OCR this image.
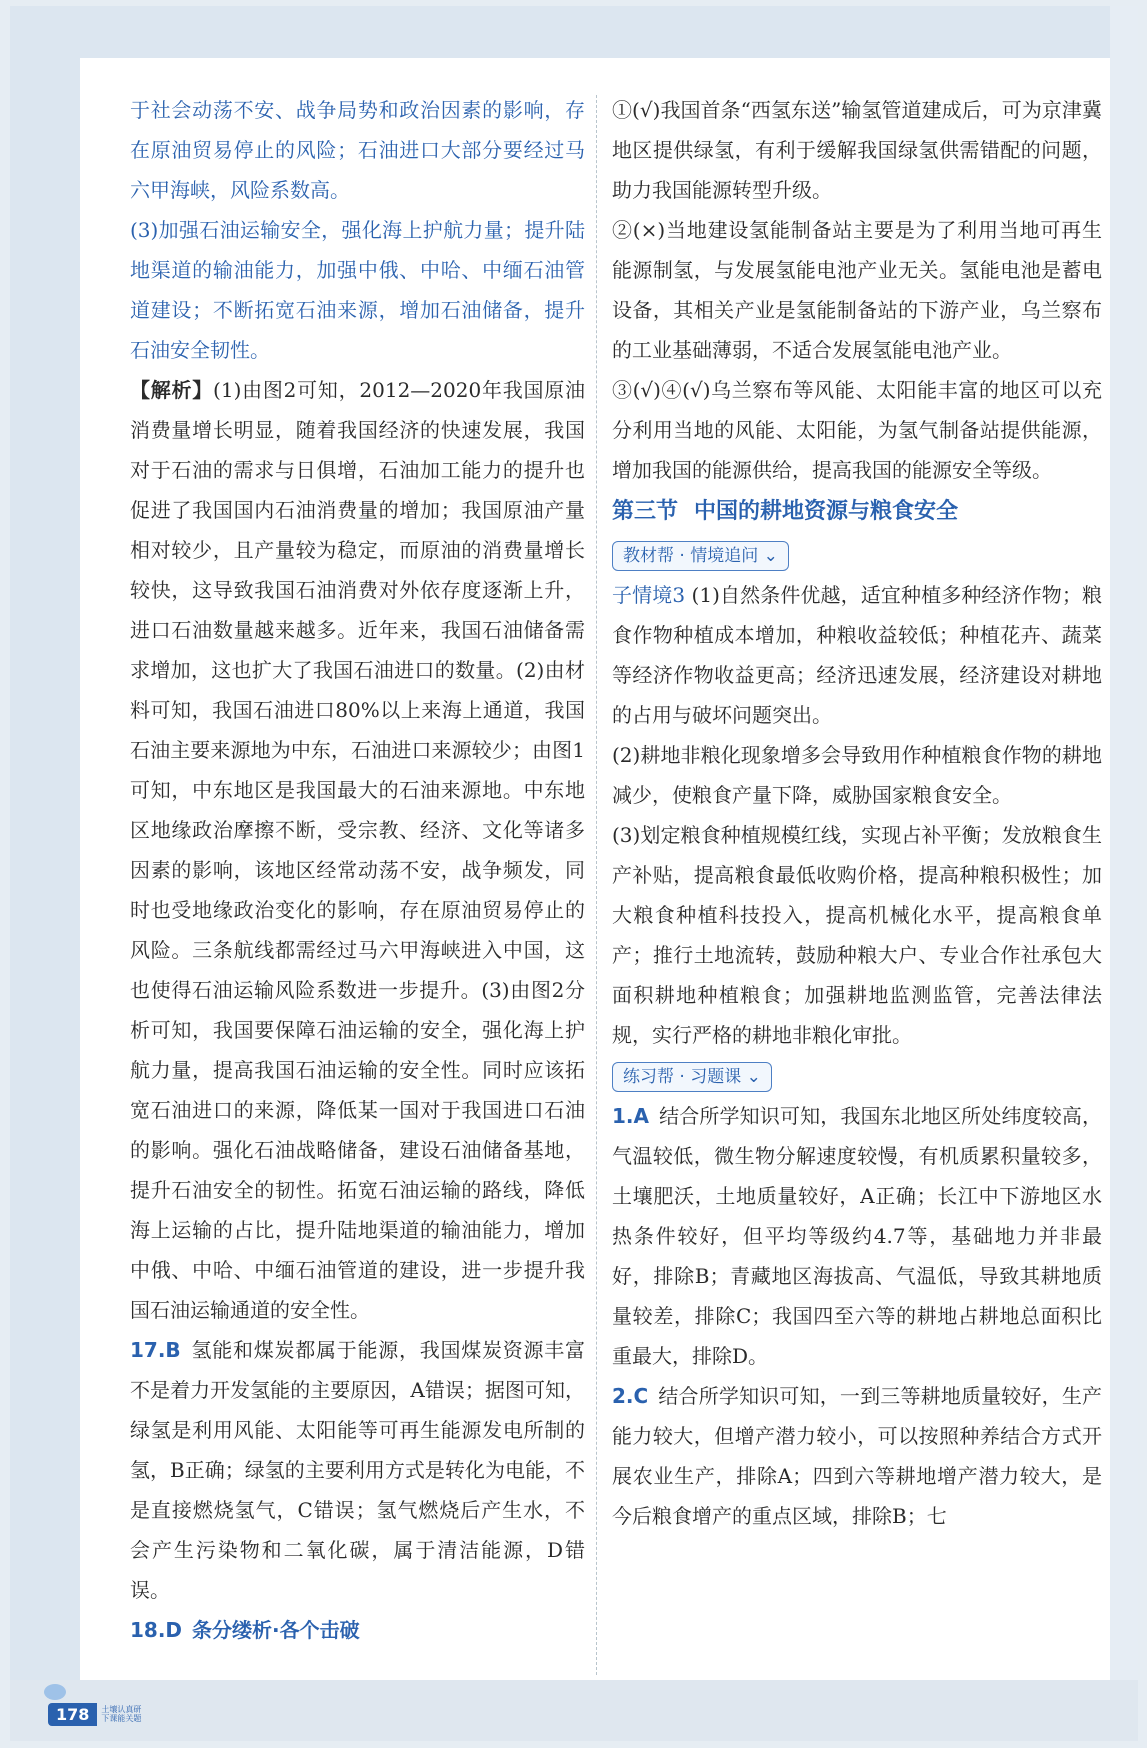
于社会动荡不安、战争局势和政治因素的影响，存在原油贸易停止的风险；石油进口大部分要经过马六甲海峡，风险系数高。

(3)加强石油运输安全，强化海上护航力量；提升陆地渠道的输油能力，加强中俄、中哈、中缅石油管道建设；不断拓宽石油来源，增加石油储备，提升石油安全韧性。

【解析】(1)由图2可知，2012—2020年我国原油消费量增长明显，随着我国经济的快速发展，我国对于石油的需求与日俱增，石油加工能力的提升也促进了我国国内石油消费量的增加；我国原油产量相对较少，且产量较为稳定，而原油的消费量增长较快，这导致我国石油消费对外依存度逐渐上升，进口石油数量越来越多。近年来，我国石油储备需求增加，这也扩大了我国石油进口的数量。(2)由材料可知，我国石油进口80%以上来海上通道，我国石油主要来源地为中东，石油进口来源较少；由图1可知，中东地区是我国最大的石油来源地。中东地区地缘政治摩擦不断，受宗教、经济、文化等诸多因素的影响，该地区经常动荡不安，战争频发，同时也受地缘政治变化的影响，存在原油贸易停止的风险。三条航线都需经过马六甲海峡进入中国，这也使得石油运输风险系数进一步提升。(3)由图2分析可知，我国要保障石油运输的安全，强化海上护航力量，提高我国石油运输的安全性。同时应该拓宽石油进口的来源，降低某一国对于我国进口石油的影响。强化石油战略储备，建设石油储备基地，提升石油安全的韧性。拓宽石油运输的路线，降低海上运输的占比，提升陆地渠道的输油能力，增加中俄、中哈、中缅石油管道的建设，进一步提升我国石油运输通道的安全性。

17.B 氢能和煤炭都属于能源，我国煤炭资源丰富不是着力开发氢能的主要原因，A错误；据图可知，绿氢是利用风能、太阳能等可再生能源发电所制的氢，B正确；绿氢的主要利用方式是转化为电能，不是直接燃烧氢气，C错误；氢气燃烧后产生水，不会产生污染物和二氧化碳，属于清洁能源，D错误。

18.D 条分缕析·各个击破

①(√)我国首条“西氢东送”输氢管道建成后，可为京津冀地区提供绿氢，有利于缓解我国绿氢供需错配的问题，助力我国能源转型升级。

②(×)当地建设氢能制备站主要是为了利用当地可再生能源制氢，与发展氢能电池产业无关。氢能电池是蓄电设备，其相关产业是氢能制备站的下游产业，乌兰察布的工业基础薄弱，不适合发展氢能电池产业。

③(√)④(√)乌兰察布等风能、太阳能丰富的地区可以充分利用当地的风能、太阳能，为氢气制备站提供能源，增加我国的能源供给，提高我国的能源安全等级。

第三节 中国的耕地资源与粮食安全
教材帮 · 情境追问 ⌄

子情境3 (1)自然条件优越，适宜种植多种经济作物；粮食作物种植成本增加，种粮收益较低；种植花卉、蔬菜等经济作物收益更高；经济迅速发展，经济建设对耕地的占用与破坏问题突出。

(2)耕地非粮化现象增多会导致用作种植粮食作物的耕地减少，使粮食产量下降，威胁国家粮食安全。

(3)划定粮食种植规模红线，实现占补平衡；发放粮食生产补贴，提高粮食最低收购价格，提高种粮积极性；加大粮食种植科技投入，提高机械化水平，提高粮食单产；推行土地流转，鼓励种粮大户、专业合作社承包大面积耕地种植粮食；加强耕地监测监管，完善法律法规，实行严格的耕地非粮化审批。

练习帮 · 习题课 ⌄

1.A 结合所学知识可知，我国东北地区所处纬度较高，气温较低，微生物分解速度较慢，有机质累积量较多，土壤肥沃，土地质量较好，A正确；长江中下游地区水热条件较好，但平均等级约4.7等，基础地力并非最好，排除B；青藏地区海拔高、气温低，导致其耕地质量较差，排除C；我国四至六等的耕地占耕地总面积比重最大，排除D。

2.C 结合所学知识可知，一到三等耕地质量较好，生产能力较大，但增产潜力较小，可以按照种养结合方式开展农业生产，排除A；四到六等耕地增产潜力较大，是今后粮食增产的重点区域，排除B；七

178	土壤认真研 下课能关题
